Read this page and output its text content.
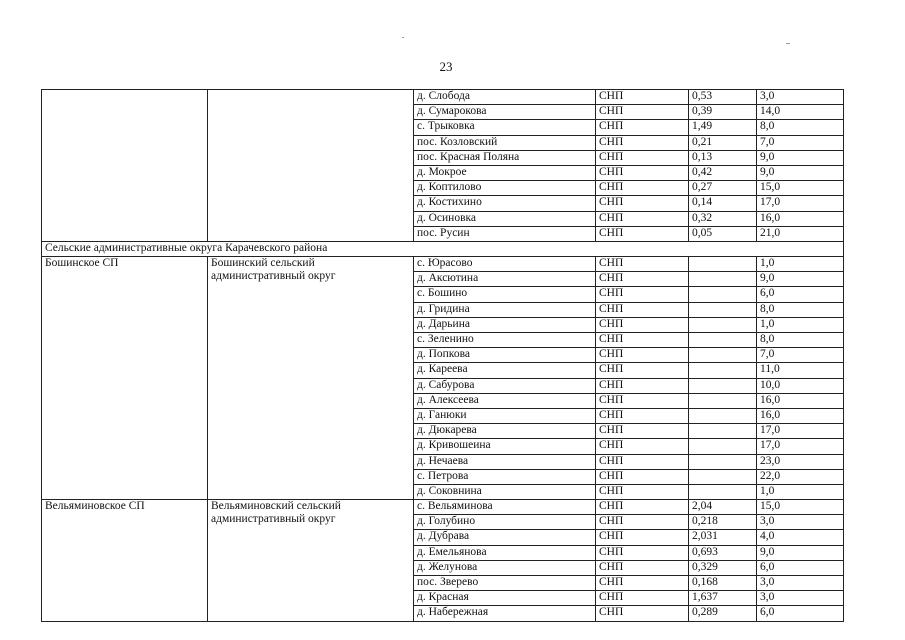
23
		д. Слобода	СНП	0,53	3,0
		д. Сумарокова	СНП	0,39	14,0
		с. Трыковка	СНП	1,49	8,0
		пос. Козловский	СНП	0,21	7,0
		пос. Красная Поляна	СНП	0,13	9,0
		д. Мокрое	СНП	0,42	9,0
		д. Коптилово	СНП	0,27	15,0
		д. Костихино	СНП	0,14	17,0
		д. Осиновка	СНП	0,32	16,0
		пос. Русин	СНП	0,05	21,0
Сельские административные округа Карачевского района					
Бошинское СП	Бошинский сельский административный округ	с. Юрасово	СНП		1,0
		д. Аксютина	СНП		9,0
		с. Бошино	СНП		6,0
		д. Гридина	СНП		8,0
		д. Дарьина	СНП		1,0
		с. Зеленино	СНП		8,0
		д. Попкова	СНП		7,0
		д. Кареева	СНП		11,0
		д. Сабурова	СНП		10,0
		д. Алексеева	СНП		16,0
		д. Ганюки	СНП		16,0
		д. Дюкарева	СНП		17,0
		д. Кривошеина	СНП		17,0
		д. Нечаева	СНП		23,0
		с. Петрова	СНП		22,0
		д. Соковнина	СНП		1,0
Вельяминовское СП	Вельяминовский сельский административный округ	с. Вельяминова	СНП	2,04	15,0
		д. Голубино	СНП	0,218	3,0
		д. Дубрава	СНП	2,031	4,0
		д. Емельянова	СНП	0,693	9,0
		д. Желунова	СНП	0,329	6,0
		пос. Зверево	СНП	0,168	3,0
		д. Красная	СНП	1,637	3,0
		д. Набережная	СНП	0,289	6,0
